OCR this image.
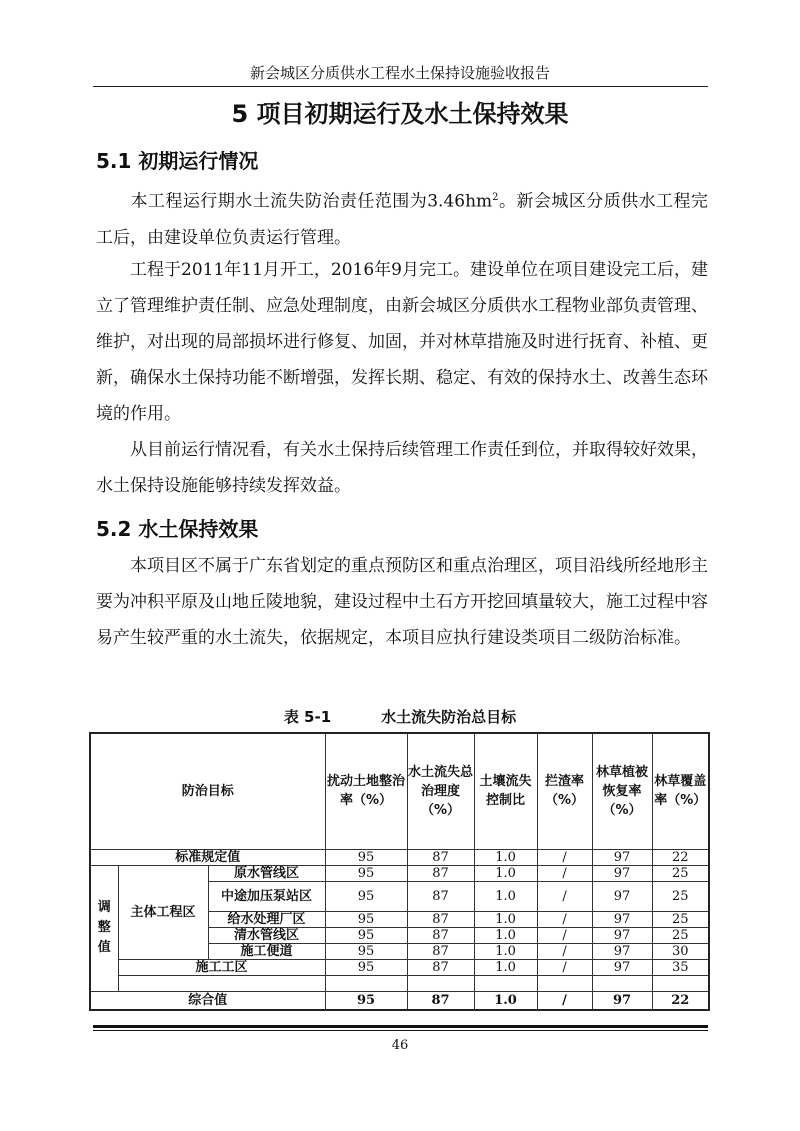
新会城区分质供水工程水土保持设施验收报告
5 项目初期运行及水土保持效果
5.1 初期运行情况

本工程运行期水土流失防治责任范围为$3.46hm^2$。新会城区分质供水工程完工后，由建设单位负责运行管理。

工程于2011年11月开工，2016年9月完工。建设单位在项目建设完工后，建立了管理维护责任制、应急处理制度，由新会城区分质供水工程物业部负责管理、维护，对出现的局部损坏进行修复、加固，并对林草措施及时进行抚育、补植、更新，确保水土保持功能不断增强，发挥长期、稳定、有效的保持水土、改善生态环境的作用。

从目前运行情况看，有关水土保持后续管理工作责任到位，并取得较好效果，水土保持设施能够持续发挥效益。

5.2 水土保持效果

本项目区不属于广东省划定的重点预防区和重点治理区，项目沿线所经地形主要为冲积平原及山地丘陵地貌，建设过程中土石方开挖回填量较大，施工过程中容易产生较严重的水土流失，依据规定，本项目应执行建设类项目二级防治标准。

表 5-1	水土流失防治总目标
防治目标			扰动土地整治率（%）	水土流失总治理度（%）	土壤流失控制比	拦渣率（%）	林草植被恢复率（%）	林草覆盖率（%）
标准规定值			95	87	1.0	/	97	22
调整值	主体工程区	原水管线区	95	87	1.0	/	97	25
		中途加压泵站区	95	87	1.0	/	97	25
		给水处理厂区	95	87	1.0	/	97	25
		清水管线区	95	87	1.0	/	97	25
		施工便道	95	87	1.0	/	97	30
	施工工区		95	87	1.0	/	97	35

综合值			95	87	1.0	/	97	22
46
